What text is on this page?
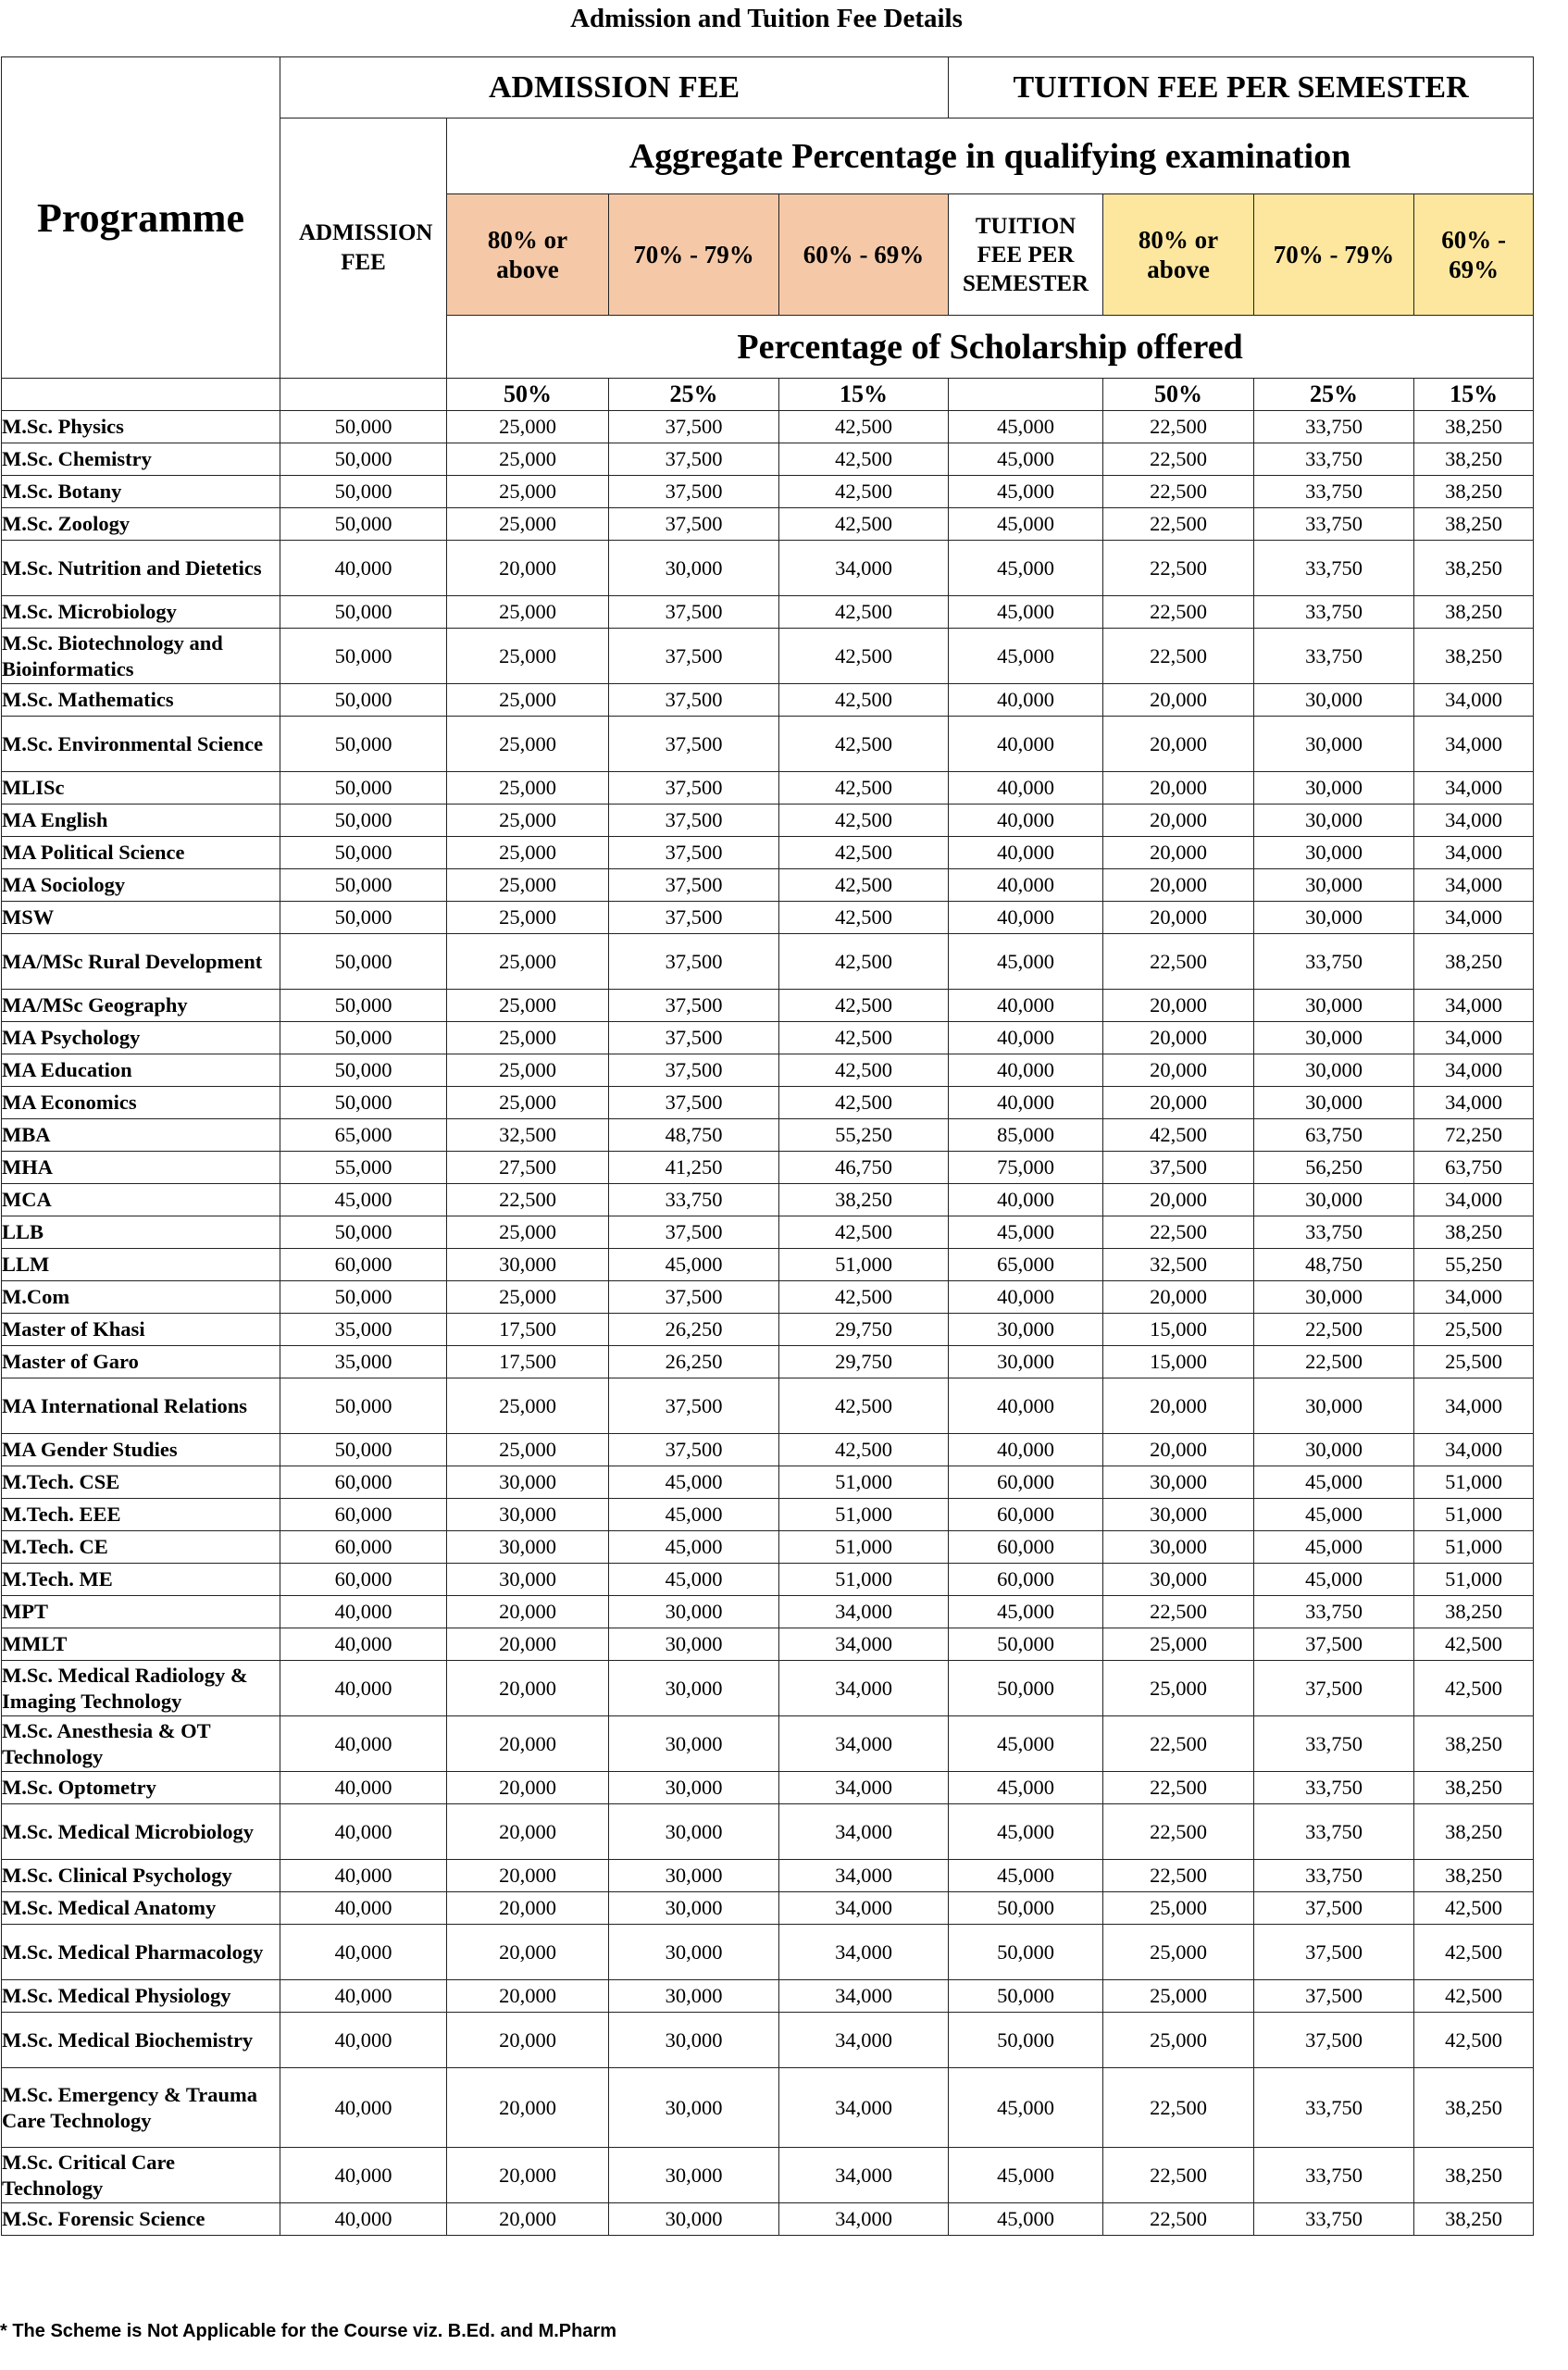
Admission and Tuition Fee Details
Programme	ADMISSION FEE				TUITION FEE PER SEMESTER			
	ADMISSION FEE	Aggregate Percentage in qualifying examination						
		80% or above	70% - 79%	60% - 69%	TUITION FEE PER SEMESTER	80% or above	70% - 79%	60% - 69%
		Percentage of Scholarship offered						
		50%	25%	15%		50%	25%	15%
M.Sc. Physics	50,000	25,000	37,500	42,500	45,000	22,500	33,750	38,250
M.Sc. Chemistry	50,000	25,000	37,500	42,500	45,000	22,500	33,750	38,250
M.Sc. Botany	50,000	25,000	37,500	42,500	45,000	22,500	33,750	38,250
M.Sc. Zoology	50,000	25,000	37,500	42,500	45,000	22,500	33,750	38,250
M.Sc. Nutrition and Dietetics	40,000	20,000	30,000	34,000	45,000	22,500	33,750	38,250
M.Sc. Microbiology	50,000	25,000	37,500	42,500	45,000	22,500	33,750	38,250
M.Sc. Biotechnology and Bioinformatics	50,000	25,000	37,500	42,500	45,000	22,500	33,750	38,250
M.Sc. Mathematics	50,000	25,000	37,500	42,500	40,000	20,000	30,000	34,000
M.Sc. Environmental Science	50,000	25,000	37,500	42,500	40,000	20,000	30,000	34,000
MLISc	50,000	25,000	37,500	42,500	40,000	20,000	30,000	34,000
MA English	50,000	25,000	37,500	42,500	40,000	20,000	30,000	34,000
MA Political Science	50,000	25,000	37,500	42,500	40,000	20,000	30,000	34,000
MA Sociology	50,000	25,000	37,500	42,500	40,000	20,000	30,000	34,000
MSW	50,000	25,000	37,500	42,500	40,000	20,000	30,000	34,000
MA/MSc Rural Development	50,000	25,000	37,500	42,500	45,000	22,500	33,750	38,250
MA/MSc Geography	50,000	25,000	37,500	42,500	40,000	20,000	30,000	34,000
MA Psychology	50,000	25,000	37,500	42,500	40,000	20,000	30,000	34,000
MA Education	50,000	25,000	37,500	42,500	40,000	20,000	30,000	34,000
MA Economics	50,000	25,000	37,500	42,500	40,000	20,000	30,000	34,000
MBA	65,000	32,500	48,750	55,250	85,000	42,500	63,750	72,250
MHA	55,000	27,500	41,250	46,750	75,000	37,500	56,250	63,750
MCA	45,000	22,500	33,750	38,250	40,000	20,000	30,000	34,000
LLB	50,000	25,000	37,500	42,500	45,000	22,500	33,750	38,250
LLM	60,000	30,000	45,000	51,000	65,000	32,500	48,750	55,250
M.Com	50,000	25,000	37,500	42,500	40,000	20,000	30,000	34,000
Master of Khasi	35,000	17,500	26,250	29,750	30,000	15,000	22,500	25,500
Master of Garo	35,000	17,500	26,250	29,750	30,000	15,000	22,500	25,500
MA International Relations	50,000	25,000	37,500	42,500	40,000	20,000	30,000	34,000
MA Gender Studies	50,000	25,000	37,500	42,500	40,000	20,000	30,000	34,000
M.Tech. CSE	60,000	30,000	45,000	51,000	60,000	30,000	45,000	51,000
M.Tech. EEE	60,000	30,000	45,000	51,000	60,000	30,000	45,000	51,000
M.Tech. CE	60,000	30,000	45,000	51,000	60,000	30,000	45,000	51,000
M.Tech. ME	60,000	30,000	45,000	51,000	60,000	30,000	45,000	51,000
MPT	40,000	20,000	30,000	34,000	45,000	22,500	33,750	38,250
MMLT	40,000	20,000	30,000	34,000	50,000	25,000	37,500	42,500
M.Sc. Medical Radiology & Imaging Technology	40,000	20,000	30,000	34,000	50,000	25,000	37,500	42,500
M.Sc. Anesthesia & OT Technology	40,000	20,000	30,000	34,000	45,000	22,500	33,750	38,250
M.Sc. Optometry	40,000	20,000	30,000	34,000	45,000	22,500	33,750	38,250
M.Sc. Medical Microbiology	40,000	20,000	30,000	34,000	45,000	22,500	33,750	38,250
M.Sc. Clinical Psychology	40,000	20,000	30,000	34,000	45,000	22,500	33,750	38,250
M.Sc. Medical Anatomy	40,000	20,000	30,000	34,000	50,000	25,000	37,500	42,500
M.Sc. Medical Pharmacology	40,000	20,000	30,000	34,000	50,000	25,000	37,500	42,500
M.Sc. Medical Physiology	40,000	20,000	30,000	34,000	50,000	25,000	37,500	42,500
M.Sc. Medical Biochemistry	40,000	20,000	30,000	34,000	50,000	25,000	37,500	42,500
M.Sc. Emergency & Trauma Care Technology	40,000	20,000	30,000	34,000	45,000	22,500	33,750	38,250
M.Sc. Critical Care Technology	40,000	20,000	30,000	34,000	45,000	22,500	33,750	38,250
M.Sc. Forensic Science	40,000	20,000	30,000	34,000	45,000	22,500	33,750	38,250
* The Scheme is Not Applicable for the Course viz. B.Ed. and M.Pharm
